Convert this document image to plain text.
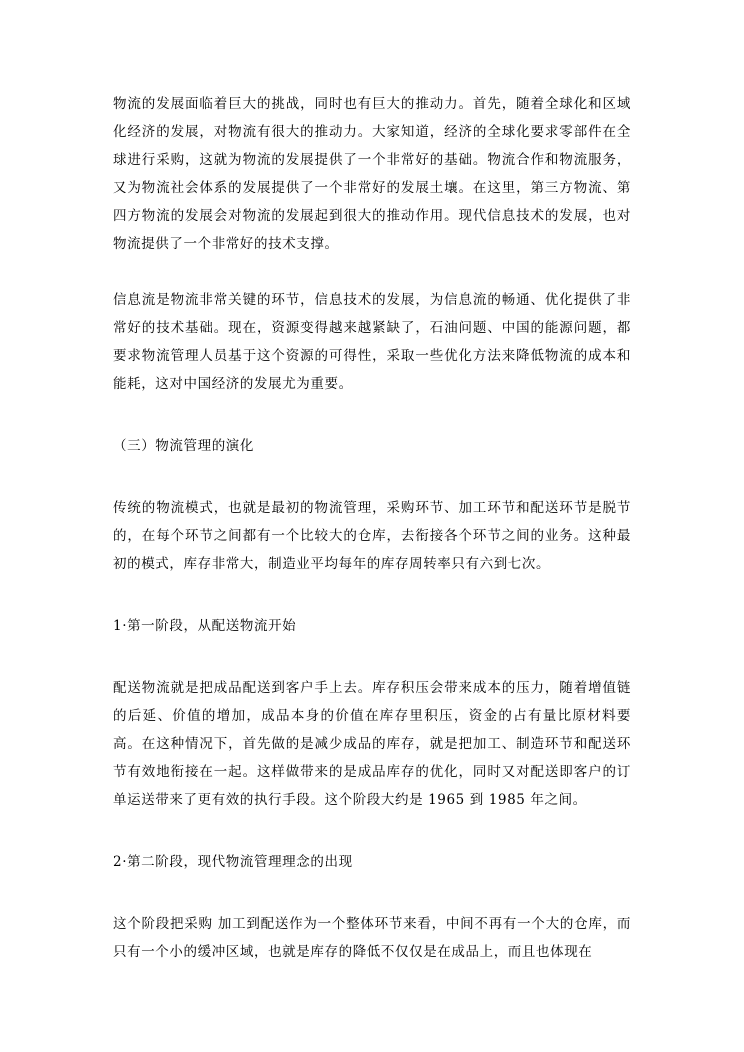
物流的发展面临着巨大的挑战，同时也有巨大的推动力。首先，随着全球化和区域化经济的发展，对物流有很大的推动力。大家知道，经济的全球化要求零部件在全球进行采购，这就为物流的发展提供了一个非常好的基础。物流合作和物流服务，又为物流社会体系的发展提供了一个非常好的发展土壤。在这里，第三方物流、第四方物流的发展会对物流的发展起到很大的推动作用。现代信息技术的发展，也对物流提供了一个非常好的技术支撑。

信息流是物流非常关键的环节，信息技术的发展，为信息流的畅通、优化提供了非常好的技术基础。现在，资源变得越来越紧缺了，石油问题、中国的能源问题，都要求物流管理人员基于这个资源的可得性，采取一些优化方法来降低物流的成本和能耗，这对中国经济的发展尤为重要。

（三）物流管理的演化

传统的物流模式，也就是最初的物流管理，采购环节、加工环节和配送环节是脱节的，在每个环节之间都有一个比较大的仓库，去衔接各个环节之间的业务。这种最初的模式，库存非常大，制造业平均每年的库存周转率只有六到七次。

1·第一阶段，从配送物流开始

配送物流就是把成品配送到客户手上去。库存积压会带来成本的压力，随着增值链的后延、价值的增加，成品本身的价值在库存里积压，资金的占有量比原材料要高。在这种情况下，首先做的是减少成品的库存，就是把加工、制造环节和配送环节有效地衔接在一起。这样做带来的是成品库存的优化，同时又对配送即客户的订单运送带来了更有效的执行手段。这个阶段大约是 1965 到 1985 年之间。

2·第二阶段，现代物流管理理念的出现

这个阶段把采购 加工到配送作为一个整体环节来看，中间不再有一个大的仓库，而只有一个小的缓冲区域，也就是库存的降低不仅仅是在成品上，而且也体现在
